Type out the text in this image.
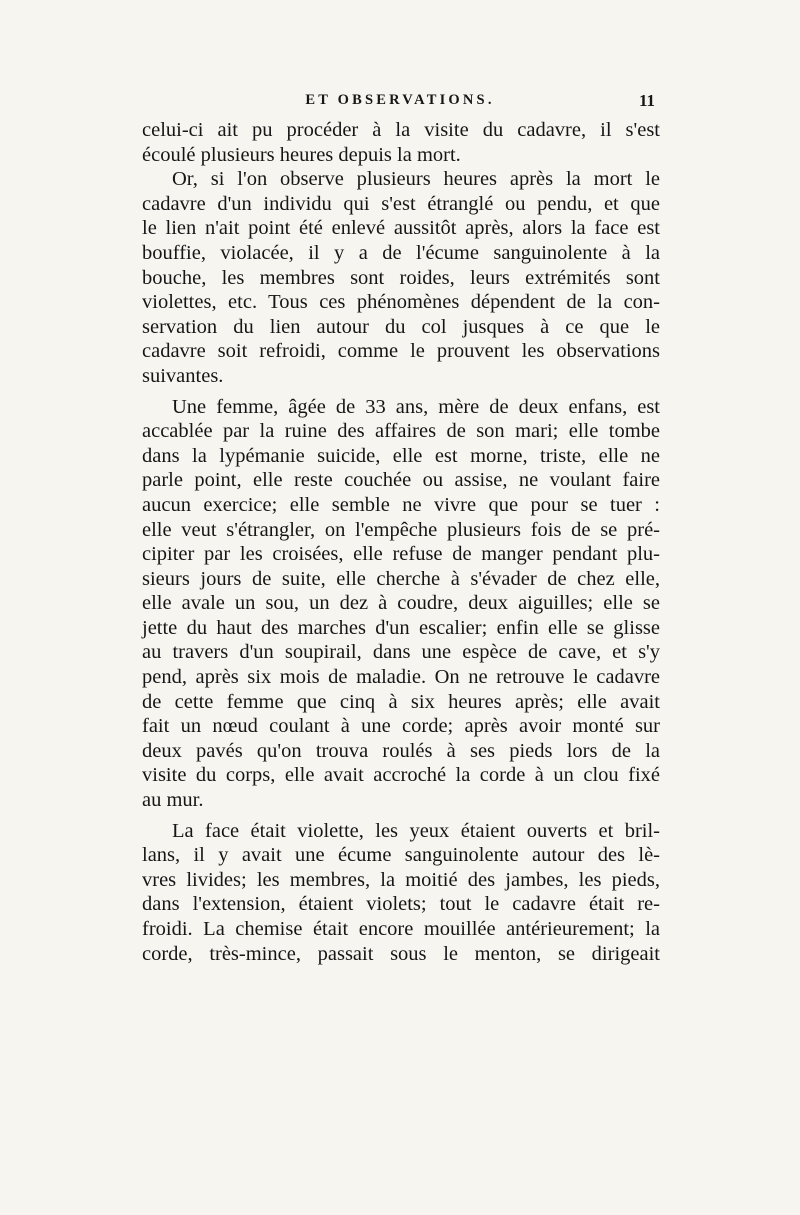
ET OBSERVATIONS.	11
celui-ci ait pu procéder à la visite du cadavre, il s'est
écoulé plusieurs heures depuis la mort.
Or, si l'on observe plusieurs heures après la mort le
cadavre d'un individu qui s'est étranglé ou pendu, et que
le lien n'ait point été enlevé aussitôt après, alors la face est
bouffie, violacée, il y a de l'écume sanguinolente à la
bouche, les membres sont roides, leurs extrémités sont
violettes, etc. Tous ces phénomènes dépendent de la con-
servation du lien autour du col jusques à ce que le
cadavre soit refroidi, comme le prouvent les observations
suivantes.
Une femme, âgée de 33 ans, mère de deux enfans, est
accablée par la ruine des affaires de son mari; elle tombe
dans la lypémanie suicide, elle est morne, triste, elle ne
parle point, elle reste couchée ou assise, ne voulant faire
aucun exercice; elle semble ne vivre que pour se tuer :
elle veut s'étrangler, on l'empêche plusieurs fois de se pré-
cipiter par les croisées, elle refuse de manger pendant plu-
sieurs jours de suite, elle cherche à s'évader de chez elle,
elle avale un sou, un dez à coudre, deux aiguilles; elle se
jette du haut des marches d'un escalier; enfin elle se glisse
au travers d'un soupirail, dans une espèce de cave, et s'y
pend, après six mois de maladie. On ne retrouve le cadavre
de cette femme que cinq à six heures après; elle avait
fait un nœud coulant à une corde; après avoir monté sur
deux pavés qu'on trouva roulés à ses pieds lors de la
visite du corps, elle avait accroché la corde à un clou fixé
au mur.
La face était violette, les yeux étaient ouverts et bril-
lans, il y avait une écume sanguinolente autour des lè-
vres livides; les membres, la moitié des jambes, les pieds,
dans l'extension, étaient violets; tout le cadavre était re-
froidi. La chemise était encore mouillée antérieurement; la
corde, très-mince, passait sous le menton, se dirigeait
